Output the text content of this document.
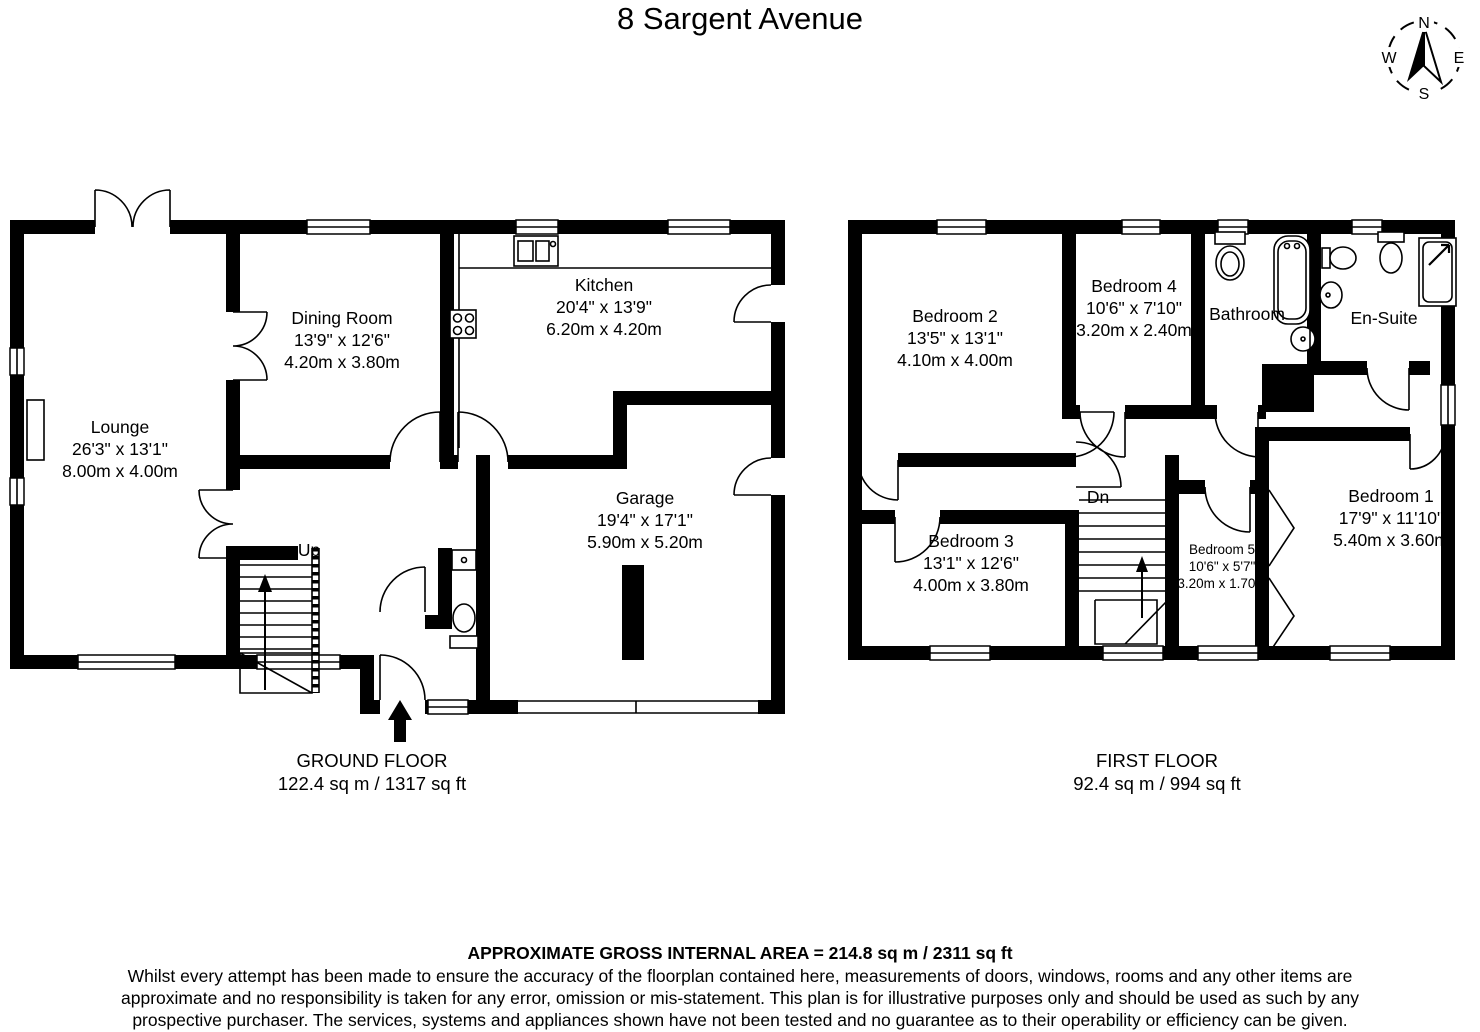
8 Sargent Avenue	N
E
S
W
Lounge
26'3" x 13'1"
8.00m x 4.00m
Dining Room
13'9" x 12'6"
4.20m x 3.80m
Kitchen
20'4" x 13'9"
6.20m x 4.20m
Garage
19'4" x 17'1"
5.90m x 5.20m
Up
GROUND FLOOR
122.4 sq m / 1317 sq ft
Bedroom 2
13'5" x 13'1"
4.10m x 4.00m
Bedroom 4
10'6" x 7'10"
3.20m x 2.40m
Bathroom	En-Suite
Bedroom 3
13'1" x 12'6"
4.00m x 3.80m
Bedroom 1
17'9" x 11'10"
5.40m x 3.60m
Bedroom 5
10'6" x 5'7"
3.20m x 1.70m
Dn
FIRST FLOOR
92.4 sq m / 994 sq ft
APPROXIMATE GROSS INTERNAL AREA = 214.8 sq m / 2311 sq ft
Whilst every attempt has been made to ensure the accuracy of the floorplan contained here, measurements of doors, windows, rooms and any other items are
approximate and no responsibility is taken for any error, omission or mis-statement. This plan is for illustrative purposes only and should be used as such by any
prospective purchaser. The services, systems and appliances shown have not been tested and no guarantee as to their operability or efficiency can be given.
